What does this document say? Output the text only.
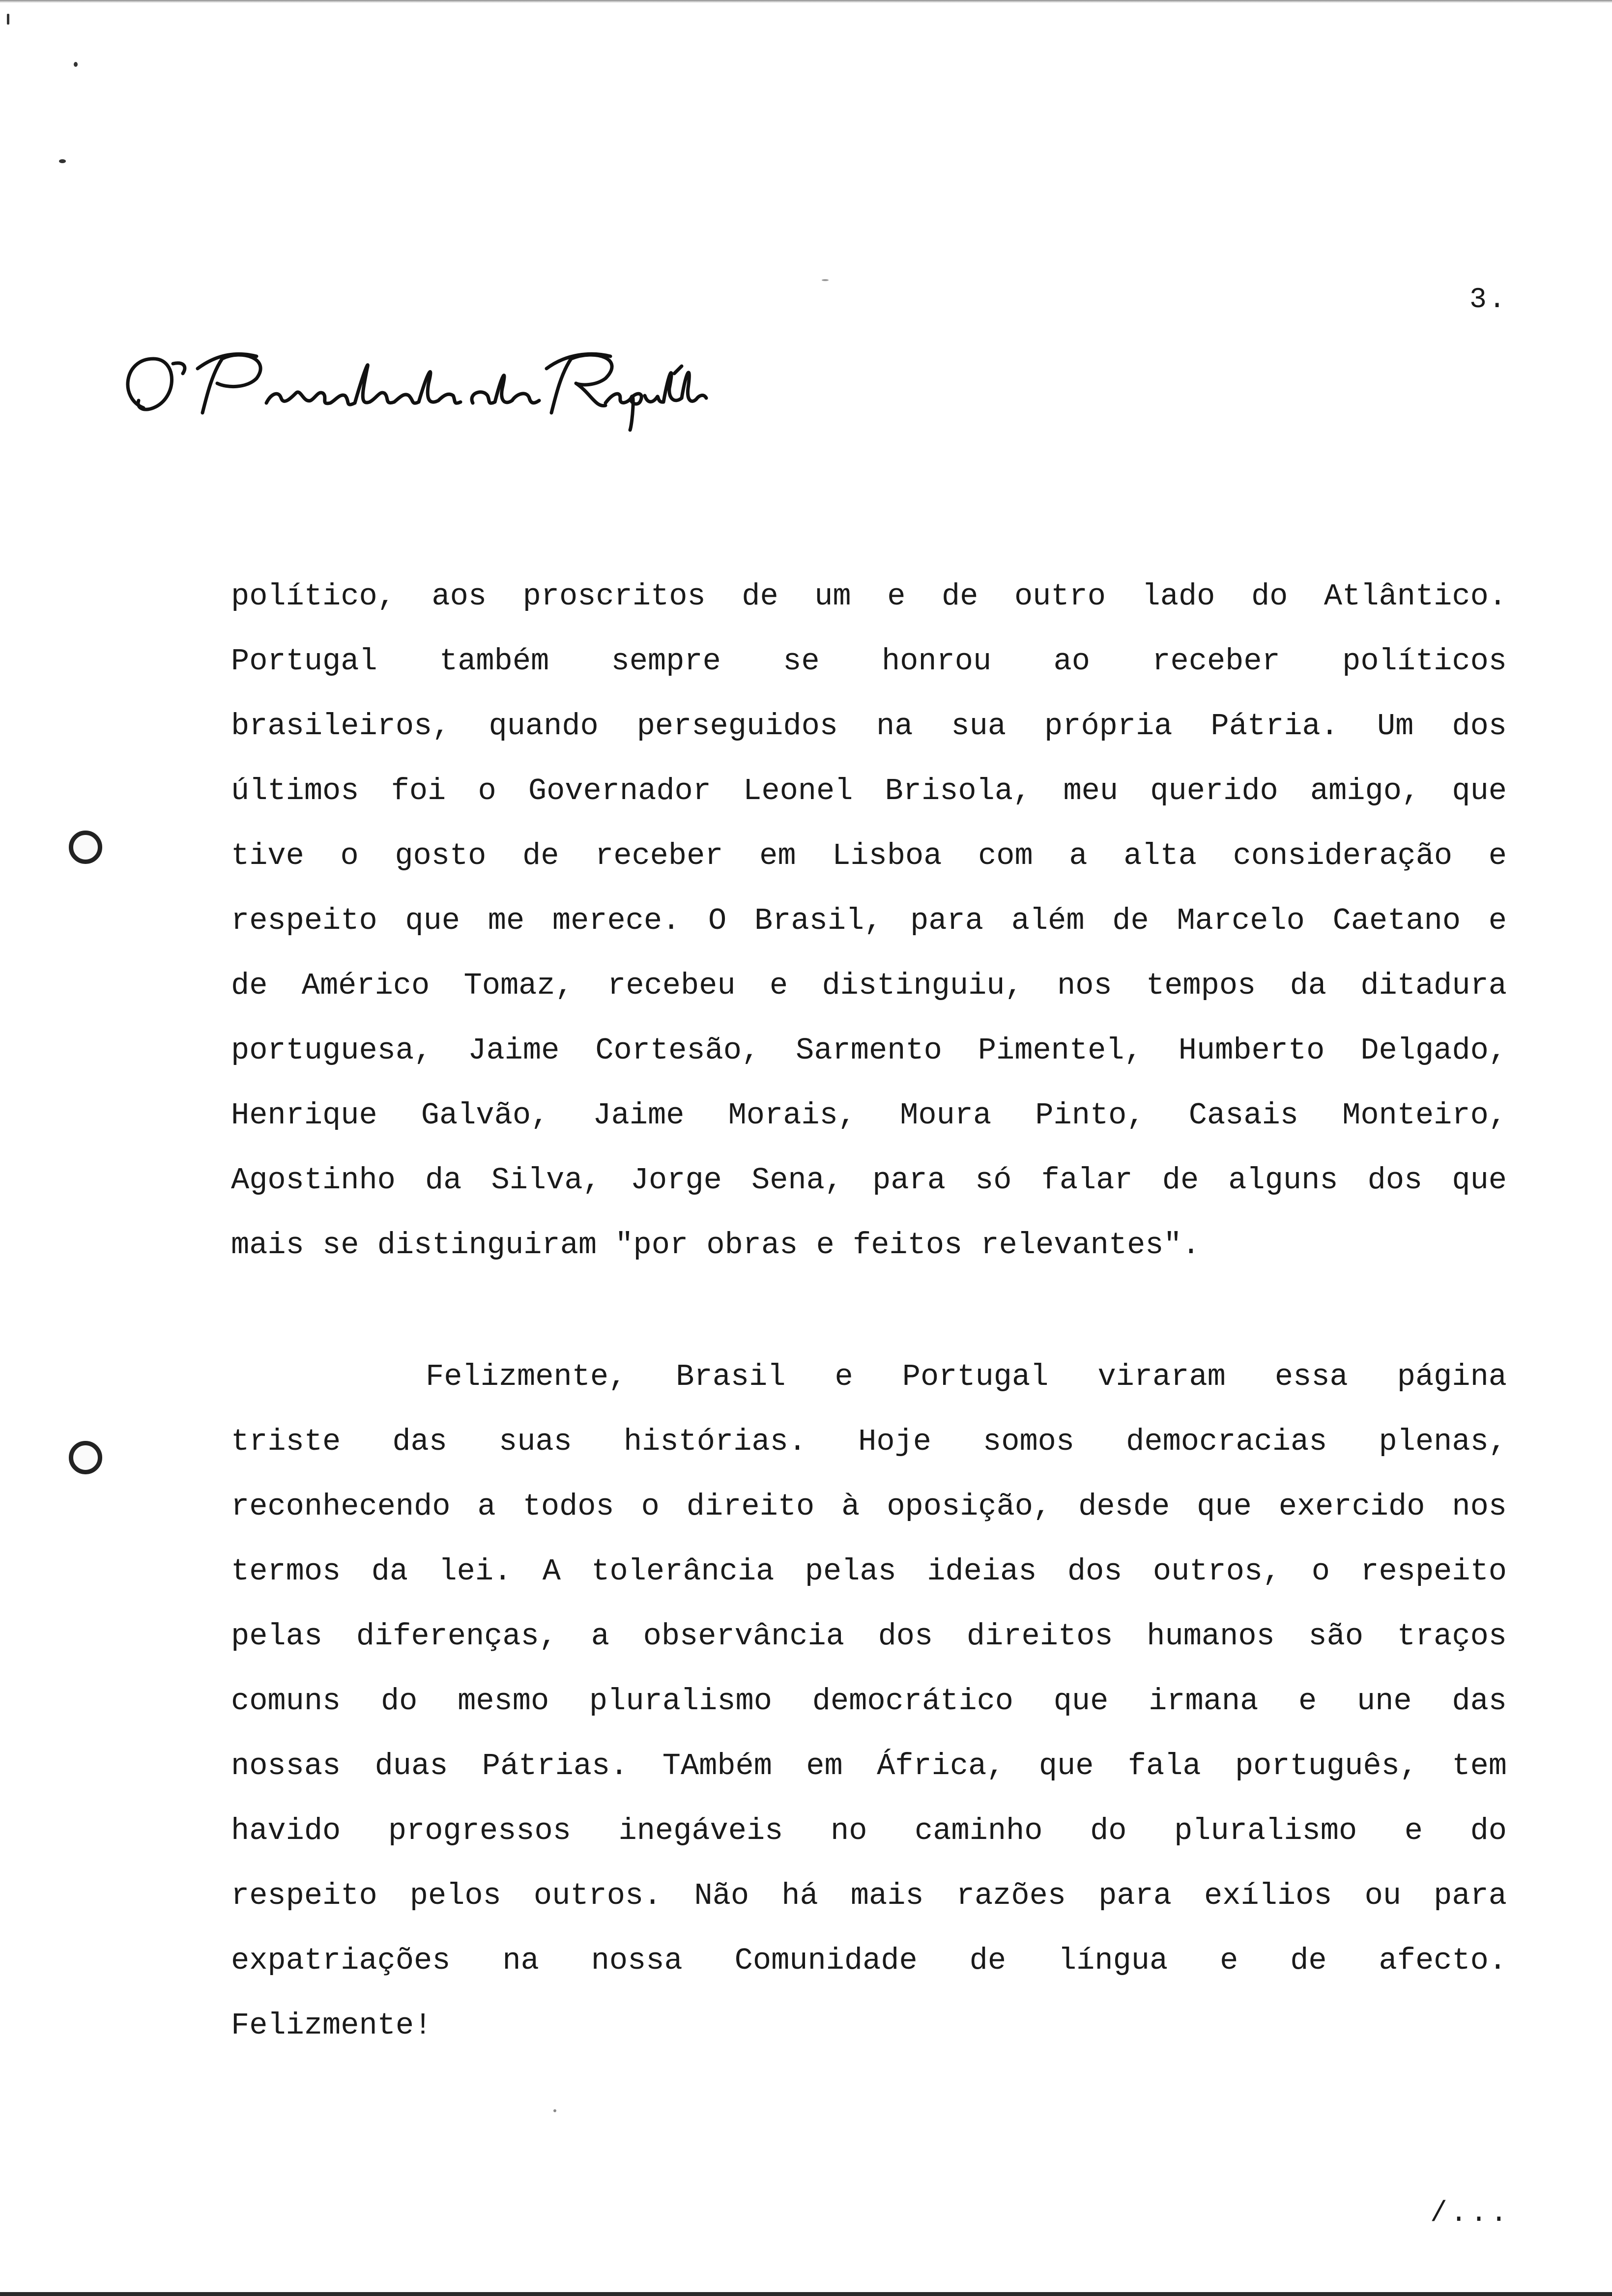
3.
político, aos proscritos de um e de outro lado do Atlântico.
Portugal também sempre se honrou ao receber políticos
brasileiros, quando perseguidos na sua própria Pátria. Um dos
últimos foi o Governador Leonel Brisola, meu querido amigo, que
tive o gosto de receber em Lisboa com a alta consideração e
respeito que me merece. O Brasil, para além de Marcelo Caetano e
de Américo Tomaz, recebeu e distinguiu, nos tempos da ditadura
portuguesa, Jaime Cortesão, Sarmento Pimentel, Humberto Delgado,
Henrique Galvão, Jaime Morais, Moura Pinto, Casais Monteiro,
Agostinho da Silva, Jorge Sena, para só falar de alguns dos que
mais se distinguiram "por obras e feitos relevantes".
Felizmente, Brasil e Portugal viraram essa página
triste das suas histórias. Hoje somos democracias plenas,
reconhecendo a todos o direito à oposição, desde que exercido nos
termos da lei. A tolerância pelas ideias dos outros, o respeito
pelas diferenças, a observância dos direitos humanos são traços
comuns do mesmo pluralismo democrático que irmana e une das
nossas duas Pátrias. TAmbém em África, que fala português, tem
havido progressos inegáveis no caminho do pluralismo e do
respeito pelos outros. Não há mais razões para exílios ou para
expatriações na nossa Comunidade de língua e de afecto.
Felizmente!
/...
